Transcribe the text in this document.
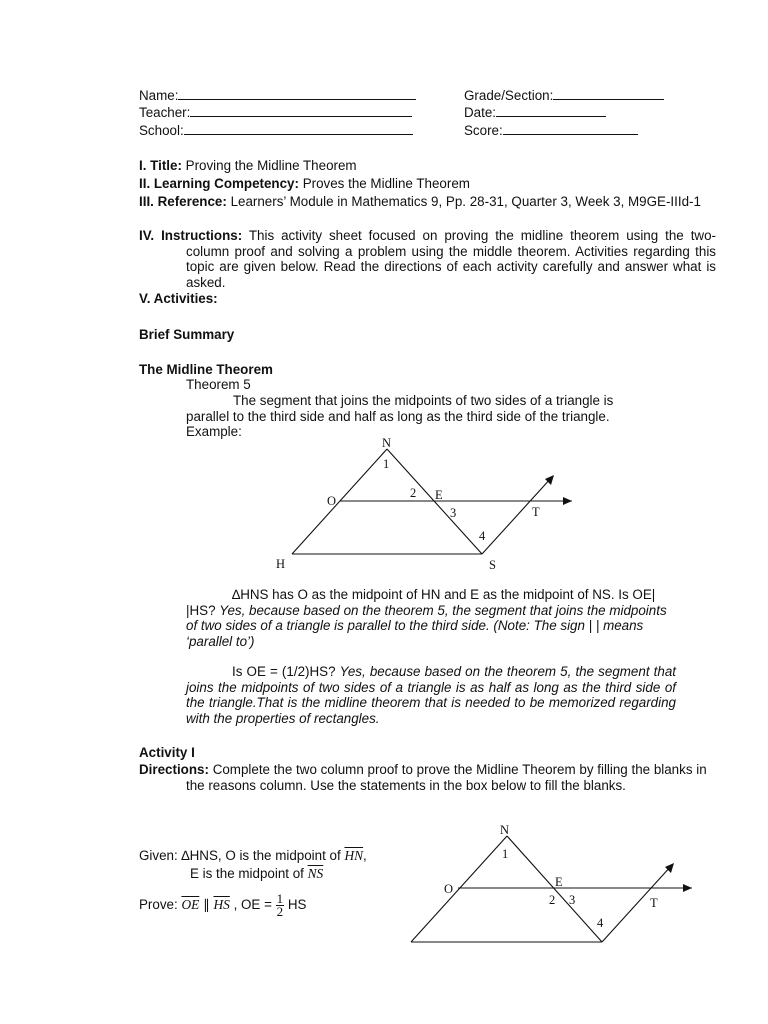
Name:
Teacher:
School:
Grade/Section:
Date:
Score:
I. Title: Proving the Midline Theorem
II. Learning Competency: Proves the Midline Theorem
III. Reference: Learners’ Module in Mathematics 9, Pp. 28-31, Quarter 3, Week 3, M9GE-IIId-1
IV. Instructions: This activity sheet focused on proving the midline theorem using the two-column proof and solving a problem using the middle theorem. Activities regarding this topic are given below. Read the directions of each activity carefully and answer what is asked.
V. Activities:
Brief Summary
The Midline Theorem
Theorem 5
The segment that joins the midpoints of two sides of a triangle is parallel to the third side and half as long as the third side of the triangle.
Example:
N
1
O
2 E
3	T
4
H	S
∆HNS has O as the midpoint of HN and E as the midpoint of NS. Is OE| |HS? Yes, because based on the theorem 5, the segment that joins the midpoints of two sides of a triangle is parallel to the third side. (Note: The sign | | means ‘parallel to’)
Is OE = (1/2)HS? Yes, because based on the theorem 5, the segment that joins the midpoints of two sides of a triangle is as half as long as the third side of the triangle.That is the midline theorem that is needed to be memorized regarding with the properties of rectangles.
Activity I
Directions: Complete the two column proof to prove the Midline Theorem by filling the blanks in the reasons column. Use the statements in the box below to fill the blanks.
Given: ∆HNS, O is the midpoint of $\overline{HN}$,
E is the midpoint of $\overline{NS}$
Prove: $\overline{OE}$ ∥ $\overline{HS}$ , OE = $\frac{1}{2}$ HS
N
1
O	E
2 3	T
4
